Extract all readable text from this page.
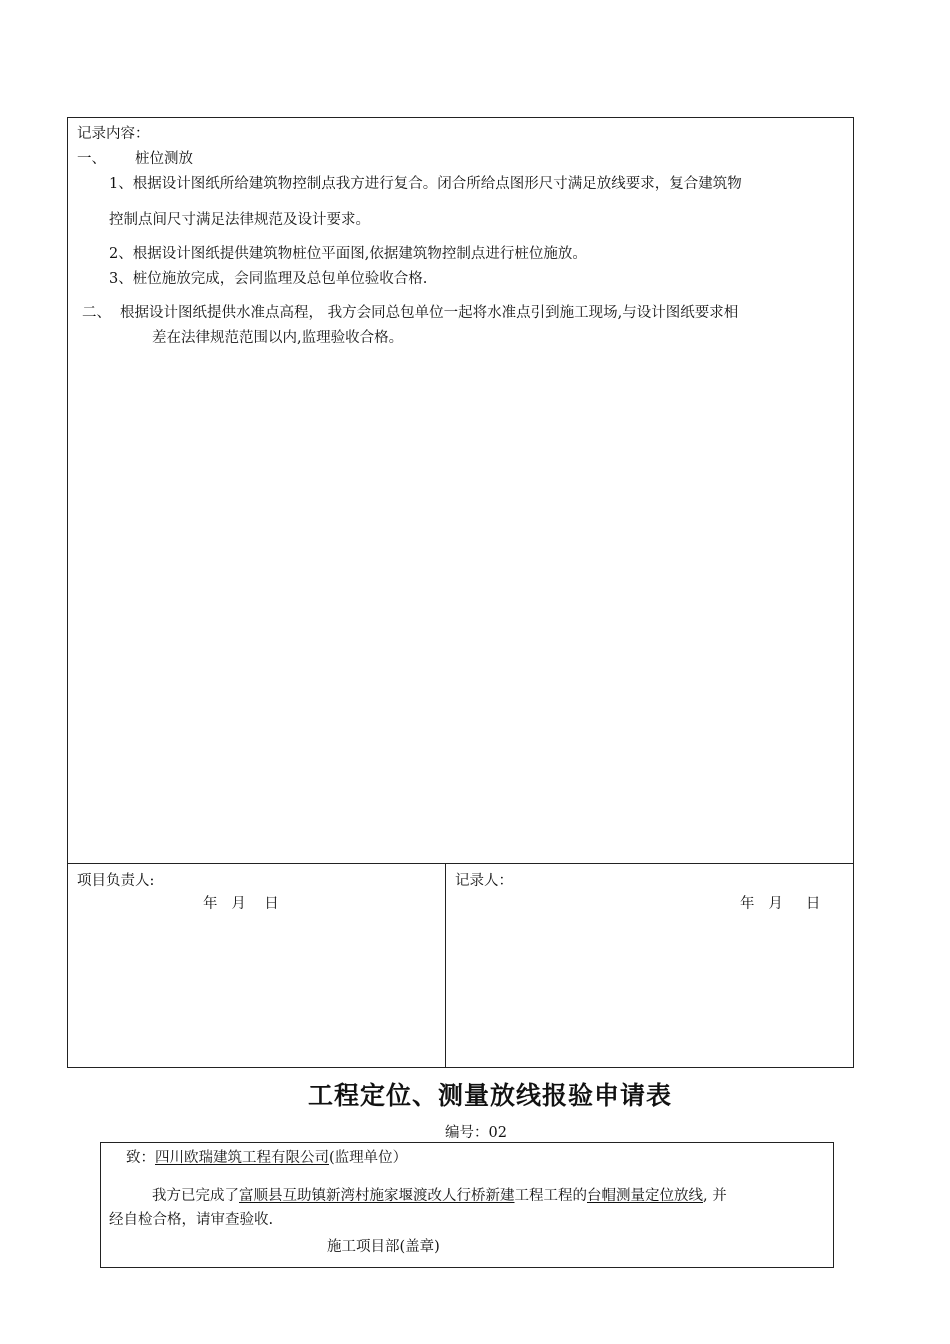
记录内容：
一、 桩位测放
1、根据设计图纸所给建筑物控制点我方进行复合。闭合所给点图形尺寸满足放线要求，复合建筑物
控制点间尺寸满足法律规范及设计要求。
2、根据设计图纸提供建筑物桩位平面图,依据建筑物控制点进行桩位施放。
3、桩位施放完成，会同监理及总包单位验收合格.
二、 根据设计图纸提供水准点高程， 我方会同总包单位一起将水准点引到施工现场,与设计图纸要求相
差在法律规范范围以内,监理验收合格。
项目负责人:
年   月    日
记录人：
年   月     日
工程定位、测量放线报验申请表
编号：02
致：四川欧瑞建筑工程有限公司(监理单位）
我方已完成了富顺县互助镇新湾村施家堰渡改人行桥新建工程工程的台帽测量定位放线, 并
经自检合格，请审查验收.
施工项目部(盖章)
